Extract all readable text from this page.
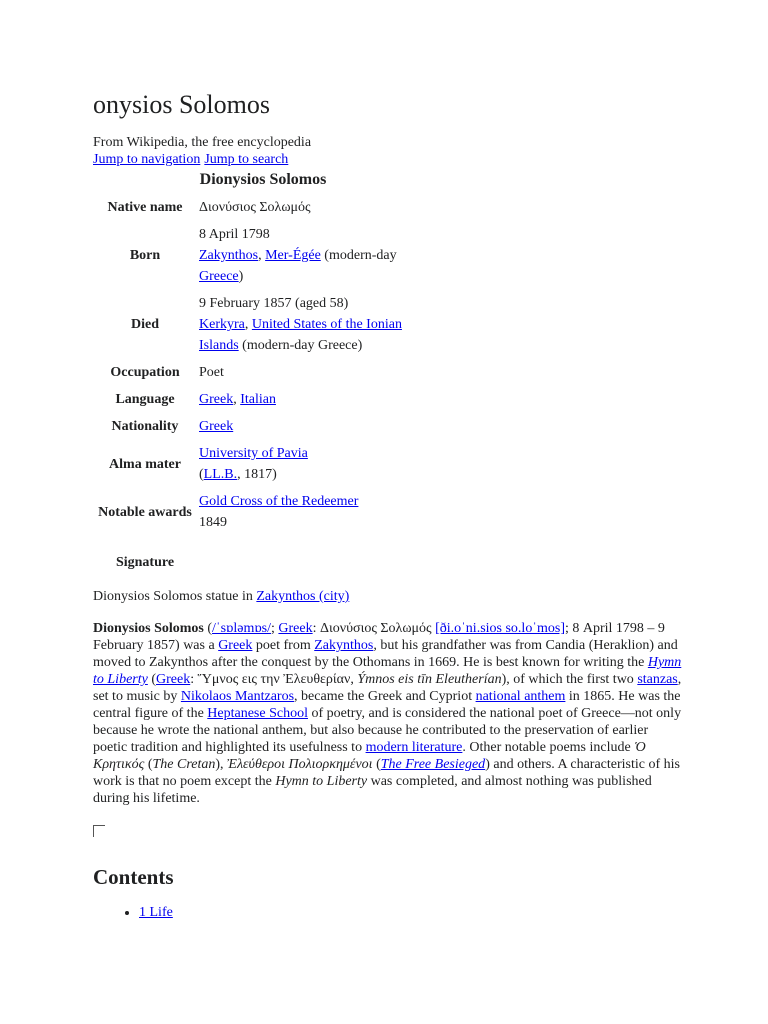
onysios Solomos
From Wikipedia, the free encyclopedia
Jump to navigation Jump to search
Dionysios Solomos	
Native name	Διονύσιος Σολωμός
Born	8 April 1798
Zakynthos, Mer-Égée (modern-day
Greece)
Died	9 February 1857 (aged 58)
Kerkyra, United States of the Ionian Islands (modern-day Greece)
Occupation	Poet
Language	Greek, Italian
Nationality	Greek
Alma mater	University of Pavia
(LL.B., 1817)
Notable awards	Gold Cross of the Redeemer
1849
Signature	
Dionysios Solomos statue in Zakynthos (city)

Dionysios Solomos (/ˈsɒləmɒs/; Greek: Διονύσιος Σολωμός [ði.oˈni.sios so.loˈmos]; 8 April 1798 – 9 February 1857) was a Greek poet from Zakynthos, but his grandfather was from Candia (Heraklion) and moved to Zakynthos after the conquest by the Othomans in 1669. He is best known for writing the Hymn to Liberty (Greek: Ὕμνος εις την Ἐλευθερίαν, Ýmnos eis tīn Eleutherían), of which the first two stanzas, set to music by Nikolaos Mantzaros, became the Greek and Cypriot national anthem in 1865. He was the central figure of the Heptanese School of poetry, and is considered the national poet of Greece—not only because he wrote the national anthem, but also because he contributed to the preservation of earlier poetic tradition and highlighted its usefulness to modern literature. Other notable poems include Ὁ Κρητικός (The Cretan), Ἐλεύθεροι Πολιορκημένοι (The Free Besieged) and others. A characteristic of his work is that no poem except the Hymn to Liberty was completed, and almost nothing was published during his lifetime.

Contents
• 1 Life
